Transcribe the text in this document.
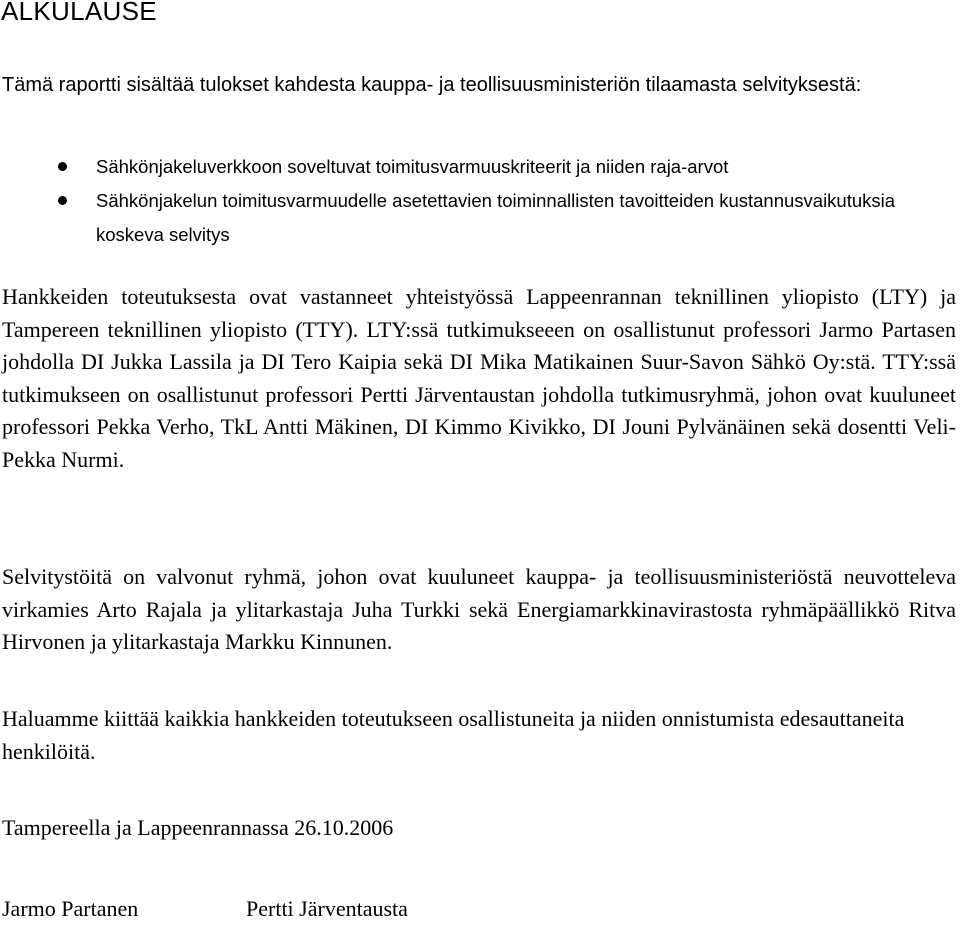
ALKULAUSE

Tämä raportti sisältää tulokset kahdesta kauppa- ja teollisuusministeriön tilaamasta selvityksestä:

Sähkönjakeluverkkoon soveltuvat toimitusvarmuuskriteerit ja niiden raja-arvot
Sähkönjakelun toimitusvarmuudelle asetettavien toiminnallisten tavoitteiden kustannusvaikutuksia koskeva selvitys

Hankkeiden toteutuksesta ovat vastanneet yhteistyössä Lappeenrannan teknillinen yliopisto (LTY) ja Tampereen teknillinen yliopisto (TTY). LTY:ssä tutkimukseeen on osallistunut professori Jarmo Partasen johdolla DI Jukka Lassila ja DI Tero Kaipia sekä DI Mika Matikainen Suur-Savon Sähkö Oy:stä. TTY:ssä tutkimukseen on osallistunut professori Pertti Järventaustan johdolla tutkimusryhmä, johon ovat kuuluneet professori Pekka Verho, TkL Antti Mäkinen, DI Kimmo Kivikko, DI Jouni Pylvänäinen sekä dosentti Veli-Pekka Nurmi.

Selvitystöitä on valvonut ryhmä, johon ovat kuuluneet kauppa- ja teollisuusministeriöstä neuvotteleva virkamies Arto Rajala ja ylitarkastaja Juha Turkki sekä Energiamarkkinavirastosta ryhmäpäällikkö Ritva Hirvonen ja ylitarkastaja Markku Kinnunen.

Haluamme kiittää kaikkia hankkeiden toteutukseen osallistuneita ja niiden onnistumista edesauttaneita henkilöitä.

Tampereella ja Lappeenrannassa 26.10.2006

Jarmo Partanen	Pertti Järventausta
